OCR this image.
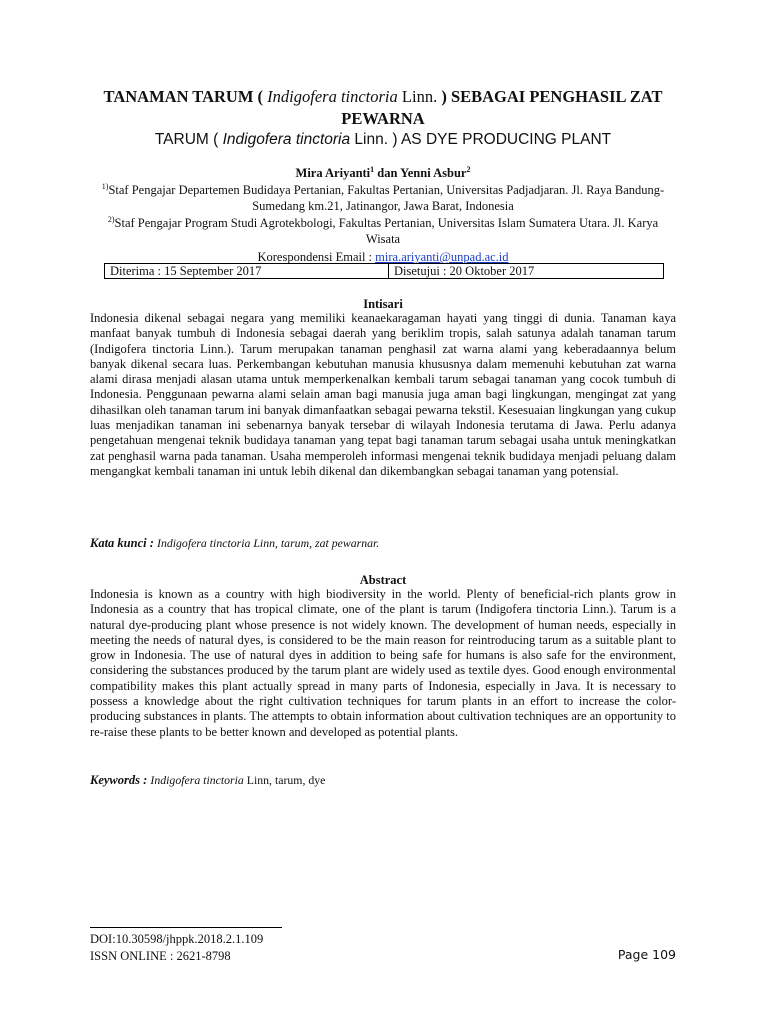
TANAMAN TARUM ( Indigofera tinctoria Linn. ) SEBAGAI PENGHASIL ZAT PEWARNA
TARUM ( Indigofera tinctoria Linn. ) AS DYE PRODUCING PLANT
Mira Ariyanti$^1$ dan Yenni Asbur$^2$
$^{1)}$Staf Pengajar Departemen Budidaya Pertanian, Fakultas Pertanian, Universitas Padjadjaran. Jl. Raya Bandung-Sumedang km.21, Jatinangor, Jawa Barat, Indonesia
$^{2)}$Staf Pengajar Program Studi Agrotekbologi, Fakultas Pertanian, Universitas Islam Sumatera Utara. Jl. Karya Wisata
Korespondensi Email : mira.ariyanti@unpad.ac.id
Diterima : 15 September 2017	Disetujui : 20 Oktober 2017
Intisari
Indonesia dikenal sebagai negara yang memiliki keanaekaragaman hayati yang tinggi di dunia. Tanaman kaya manfaat banyak tumbuh di Indonesia sebagai daerah yang beriklim tropis, salah satunya adalah tanaman tarum (Indigofera tinctoria Linn.). Tarum merupakan tanaman penghasil zat warna alami yang keberadaannya belum banyak dikenal secara luas. Perkembangan kebutuhan manusia khususnya dalam memenuhi kebutuhan zat warna alami dirasa menjadi alasan utama untuk memperkenalkan kembali tarum sebagai tanaman yang cocok tumbuh di Indonesia. Penggunaan pewarna alami selain aman bagi manusia juga aman bagi lingkungan, mengingat zat yang dihasilkan oleh tanaman tarum ini banyak dimanfaatkan sebagai pewarna tekstil. Kesesuaian lingkungan yang cukup luas menjadikan tanaman ini sebenarnya banyak tersebar di wilayah Indonesia terutama di Jawa. Perlu adanya pengetahuan mengenai teknik budidaya tanaman yang tepat bagi tanaman tarum sebagai usaha untuk meningkatkan zat penghasil warna pada tanaman. Usaha memperoleh informasi mengenai teknik budidaya menjadi peluang dalam mengangkat kembali tanaman ini untuk lebih dikenal dan dikembangkan sebagai tanaman yang potensial.
Kata kunci : Indigofera tinctoria Linn, tarum, zat pewarnar.
Abstract
Indonesia is known as a country with high biodiversity in the world. Plenty of beneficial-rich plants grow in Indonesia as a country that has tropical climate, one of the plant is tarum (Indigofera tinctoria Linn.). Tarum is a natural dye-producing plant whose presence is not widely known. The development of human needs, especially in meeting the needs of natural dyes, is considered to be the main reason for reintroducing tarum as a suitable plant to grow in Indonesia. The use of natural dyes in addition to being safe for humans is also safe for the environment, considering the substances produced by the tarum plant are widely used as textile dyes. Good enough environmental compatibility makes this plant actually spread in many parts of Indonesia, especially in Java. It is necessary to possess a knowledge about the right cultivation techniques for tarum plants in an effort to increase the color-producing substances in plants. The attempts to obtain information about cultivation techniques are an opportunity to re-raise these plants to be better known and developed as potential plants.
Keywords : Indigofera tinctoria Linn, tarum, dye
DOI:10.30598/jhppk.2018.2.1.109
ISSN ONLINE : 2621-8798	Page 109
